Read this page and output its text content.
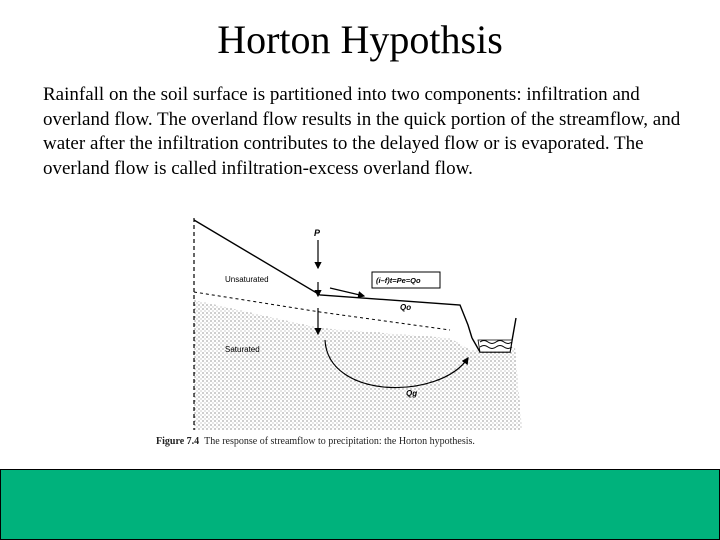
Horton Hypothsis
Rainfall on the soil surface is partitioned into two components: infiltration and overland flow. The overland flow results in the quick portion of the streamflow, and water after the infiltration contributes to the delayed flow or is evaporated. The overland flow is called infiltration-excess overland flow.
P
Unsaturated
Saturated
(i–f)t=Pe=Qo
Qo
Qg
Figure 7.4 The response of streamflow to precipitation: the Horton hypothesis.
